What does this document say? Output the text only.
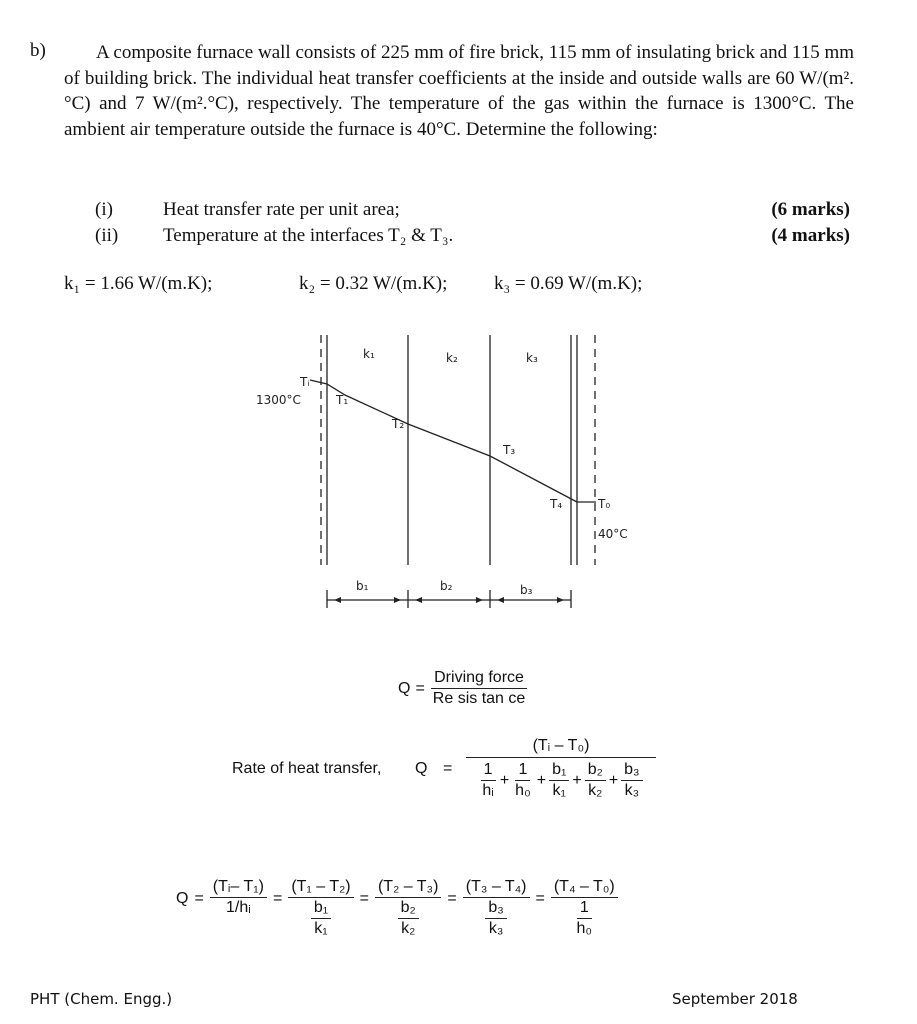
b)	A composite furnace wall consists of 225 mm of fire brick, 115 mm of insulating brick and 115 mm of building brick. The individual heat transfer coefficients at the inside and outside walls are 60 W/(m².°C) and 7 W/(m².°C), respectively. The temperature of the gas within the furnace is 1300°C. The ambient air temperature outside the furnace is 40°C. Determine the following:
(i)	Heat transfer rate per unit area;	(6 marks)
(ii) Temperature at the interfaces T₂ & T₃.	(4 marks)
k₁ = 1.66 W/(m.K);	k₂ = 0.32 W/(m.K); k₃ = 0.69 W/(m.K);
k₁	k₂	k₃
Tᵢ
1300°C	T₁
T₂
T₃
T₄	T₀
40°C
b₁	b₂	b₃
$Q = \frac{\text{Driving force}}{\text{Re sis tan ce}}$
Rate of heat transfer, Q =
(Tᵢ – T₀)
$\frac{1}{\text{hᵢ}} + \frac{1}{\text{h₀}} + \frac{\text{b₁}}{\text{k₁}} + \frac{\text{b₂}}{\text{k₂}} + \frac{\text{b₃}}{\text{k₃}}$
$Q = \frac{\text{(Tᵢ– T₁)}}{\text{1/hᵢ}} = \frac{\text{(T₁ – T₂)}}{\frac{\text{b₁}}{\text{k₁}}} = \frac{\text{(T₂ – T₃)}}{\frac{\text{b₂}}{\text{k₂}}} = \frac{\text{(T₃ – T₄)}}{\frac{\text{b₃}}{\text{k₃}}} = \frac{\text{(T₄ – T₀)}}{\frac{1}{\text{h₀}}}$
PHT (Chem. Engg.)	September 2018
